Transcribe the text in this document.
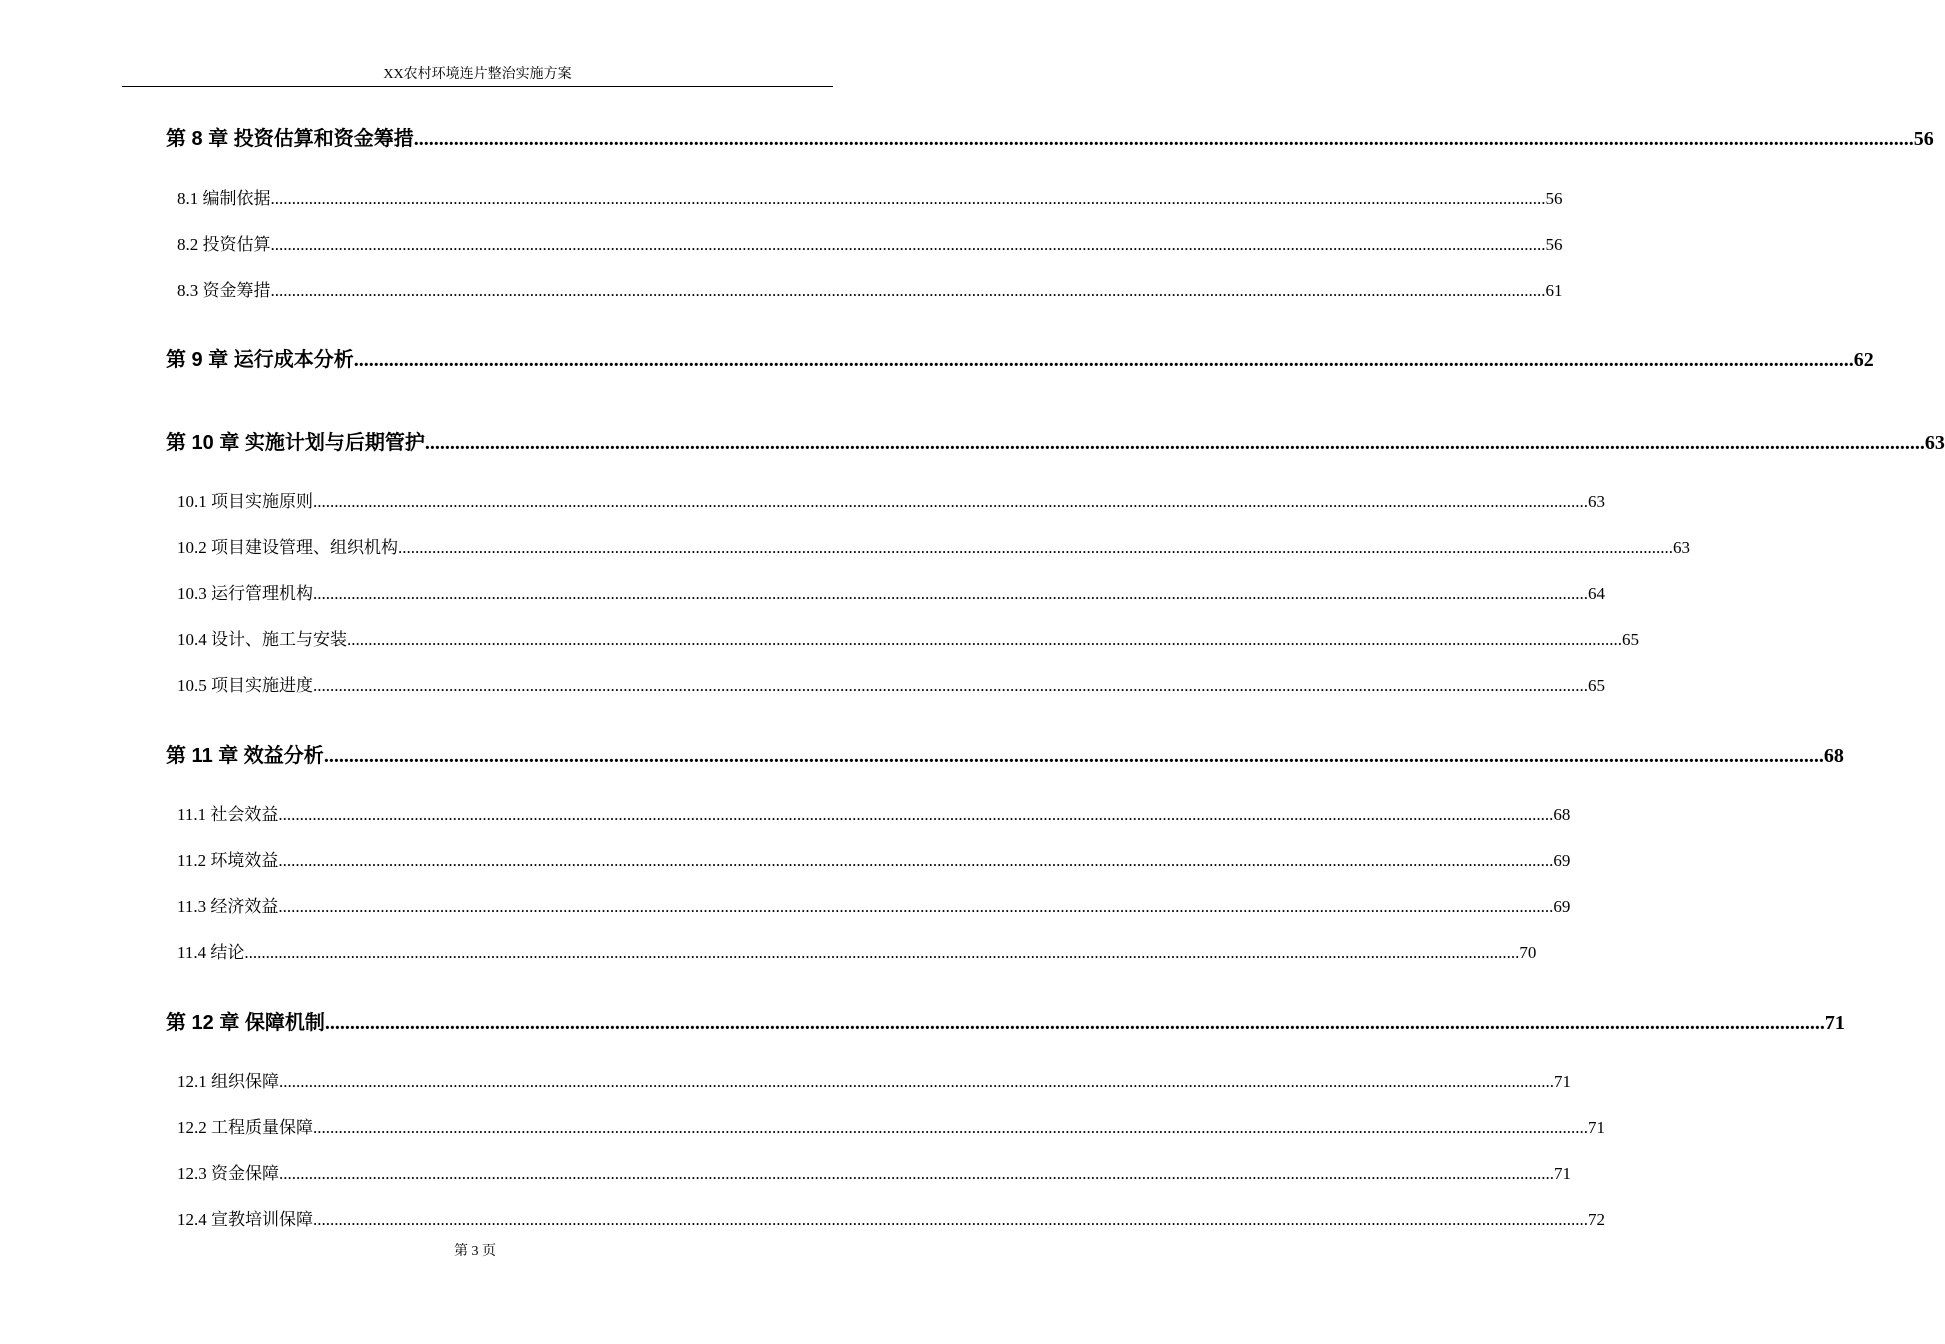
XX农村环境连片整治实施方案
第 8 章 投资估算和资金筹措 ............................................................................................................................................................................................................................................................................................................ 56
8.1 编制依据 ............................................................................................................................................................................................................................................................................................................ 56
8.2 投资估算 ............................................................................................................................................................................................................................................................................................................ 56
8.3 资金筹措 ............................................................................................................................................................................................................................................................................................................ 61
第 9 章 运行成本分析 ............................................................................................................................................................................................................................................................................................................ 62
第 10 章 实施计划与后期管护 ............................................................................................................................................................................................................................................................................................................ 63
10.1 项目实施原则 ............................................................................................................................................................................................................................................................................................................ 63
10.2 项目建设管理、组织机构 ............................................................................................................................................................................................................................................................................................................ 63
10.3 运行管理机构 ............................................................................................................................................................................................................................................................................................................ 64
10.4 设计、施工与安装 ............................................................................................................................................................................................................................................................................................................ 65
10.5 项目实施进度 ............................................................................................................................................................................................................................................................................................................ 65
第 11 章 效益分析 ............................................................................................................................................................................................................................................................................................................ 68
11.1 社会效益 ............................................................................................................................................................................................................................................................................................................ 68
11.2 环境效益 ............................................................................................................................................................................................................................................................................................................ 69
11.3 经济效益 ............................................................................................................................................................................................................................................................................................................ 69
11.4 结论 ............................................................................................................................................................................................................................................................................................................ 70
第 12 章 保障机制 ............................................................................................................................................................................................................................................................................................................ 71
12.1 组织保障 ............................................................................................................................................................................................................................................................................................................ 71
12.2 工程质量保障 ............................................................................................................................................................................................................................................................................................................ 71
12.3 资金保障 ............................................................................................................................................................................................................................................................................................................ 71
12.4 宣教培训保障 ............................................................................................................................................................................................................................................................................................................ 72
第 3 页
